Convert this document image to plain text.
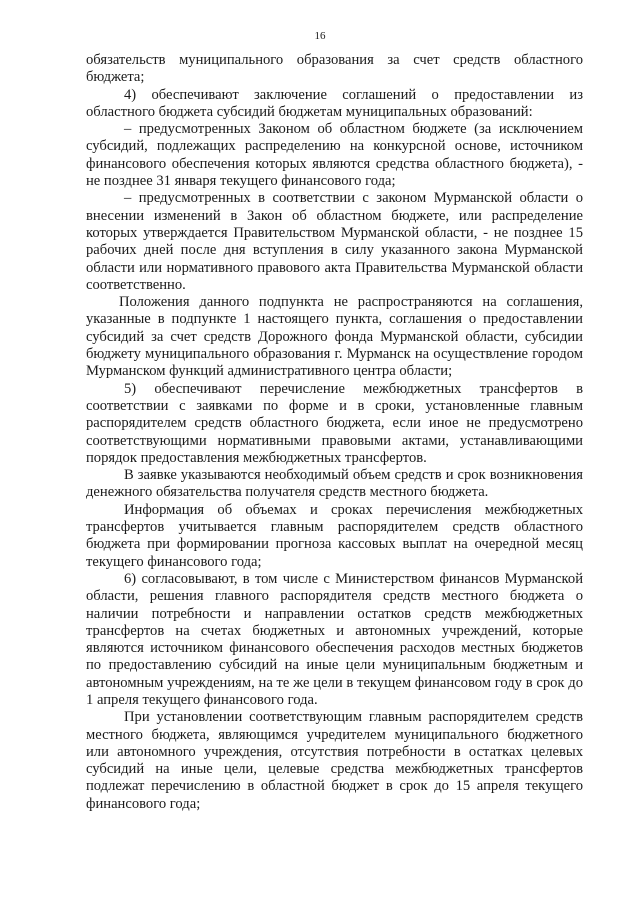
16

обязательств муниципального образования за счет средств областного бюджета;

4) обеспечивают заключение соглашений о предоставлении из областного бюджета субсидий бюджетам муниципальных образований:

– предусмотренных Законом об областном бюджете (за исключением субсидий, подлежащих распределению на конкурсной основе, источником финансового обеспечения которых являются средства областного бюджета), - не позднее 31 января текущего финансового года;

– предусмотренных в соответствии с законом Мурманской области о внесении изменений в Закон об областном бюджете, или распределение которых утверждается Правительством Мурманской области, - не позднее 15 рабочих дней после дня вступления в силу указанного закона Мурманской области или нормативного правового акта Правительства Мурманской области соответственно.

Положения данного подпункта не распространяются на соглашения, указанные в подпункте 1 настоящего пункта, соглашения о предоставлении субсидий за счет средств Дорожного фонда Мурманской области, субсидии бюджету муниципального образования г. Мурманск на осуществление городом Мурманском функций административного центра области;

5) обеспечивают перечисление межбюджетных трансфертов в соответствии с заявками по форме и в сроки, установленные главным распорядителем средств областного бюджета, если иное не предусмотрено соответствующими нормативными правовыми актами, устанавливающими порядок предоставления межбюджетных трансфертов.

В заявке указываются необходимый объем средств и срок возникновения денежного обязательства получателя средств местного бюджета.

Информация об объемах и сроках перечисления межбюджетных трансфертов учитывается главным распорядителем средств областного бюджета при формировании прогноза кассовых выплат на очередной месяц текущего финансового года;

6) согласовывают, в том числе с Министерством финансов Мурманской области, решения главного распорядителя средств местного бюджета о наличии потребности и направлении остатков средств межбюджетных трансфертов на счетах бюджетных и автономных учреждений, которые являются источником финансового обеспечения расходов местных бюджетов по предоставлению субсидий на иные цели муниципальным бюджетным и автономным учреждениям, на те же цели в текущем финансовом году в срок до 1 апреля текущего финансового года.

При установлении соответствующим главным распорядителем средств местного бюджета, являющимся учредителем муниципального бюджетного или автономного учреждения, отсутствия потребности в остатках целевых субсидий на иные цели, целевые средства межбюджетных трансфертов подлежат перечислению в областной бюджет в срок до 15 апреля текущего финансового года;
